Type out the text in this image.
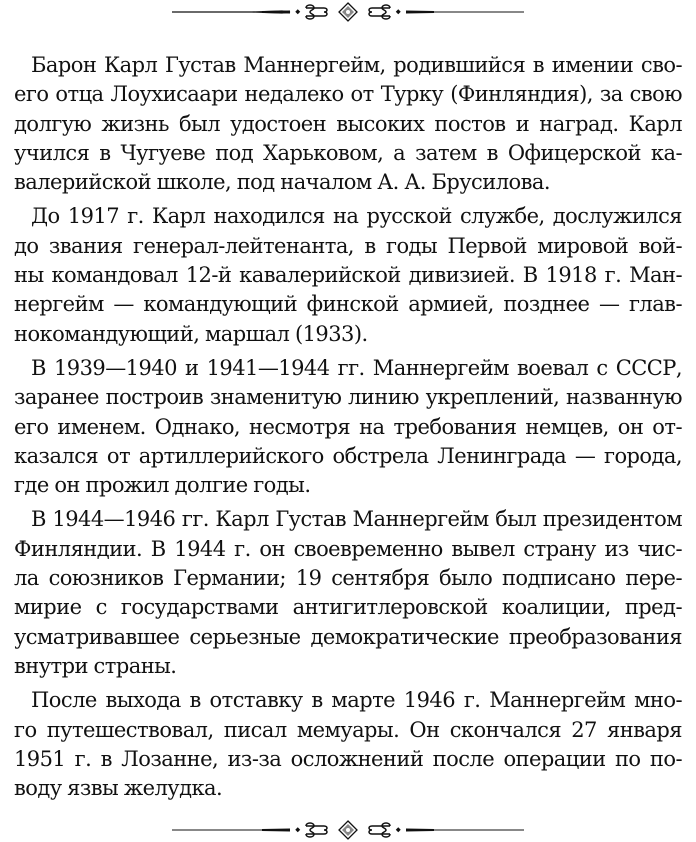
Барон Карл Густав Маннергейм, родившийся в имении сво-
его отца Лоухисаари недалеко от Турку (Финляндия), за свою
долгую жизнь был удостоен высоких постов и наград. Карл
учился в Чугуеве под Харьковом, а затем в Офицерской ка-
валерийской школе, под началом А. А. Брусилова.

До 1917 г. Карл находился на русской службе, дослужился
до звания генерал-лейтенанта, в годы Первой мировой вой-
ны командовал 12-й кавалерийской дивизией. В 1918 г. Ман-
нергейм — командующий финской армией, позднее — глав-
нокомандующий, маршал (1933).

В 1939—1940 и 1941—1944 гг. Маннергейм воевал с СССР,
заранее построив знаменитую линию укреплений, названную
его именем. Однако, несмотря на требования немцев, он от-
казался от артиллерийского обстрела Ленинграда — города,
где он прожил долгие годы.

В 1944—1946 гг. Карл Густав Маннергейм был президентом
Финляндии. В 1944 г. он своевременно вывел страну из чис-
ла союзников Германии; 19 сентября было подписано пере-
мирие с государствами антигитлеровской коалиции, пред-
усматривавшее серьезные демократические преобразования
внутри страны.

После выхода в отставку в марте 1946 г. Маннергейм мно-
го путешествовал, писал мемуары. Он скончался 27 января
1951 г. в Лозанне, из-за осложнений после операции по по-
воду язвы желудка.
